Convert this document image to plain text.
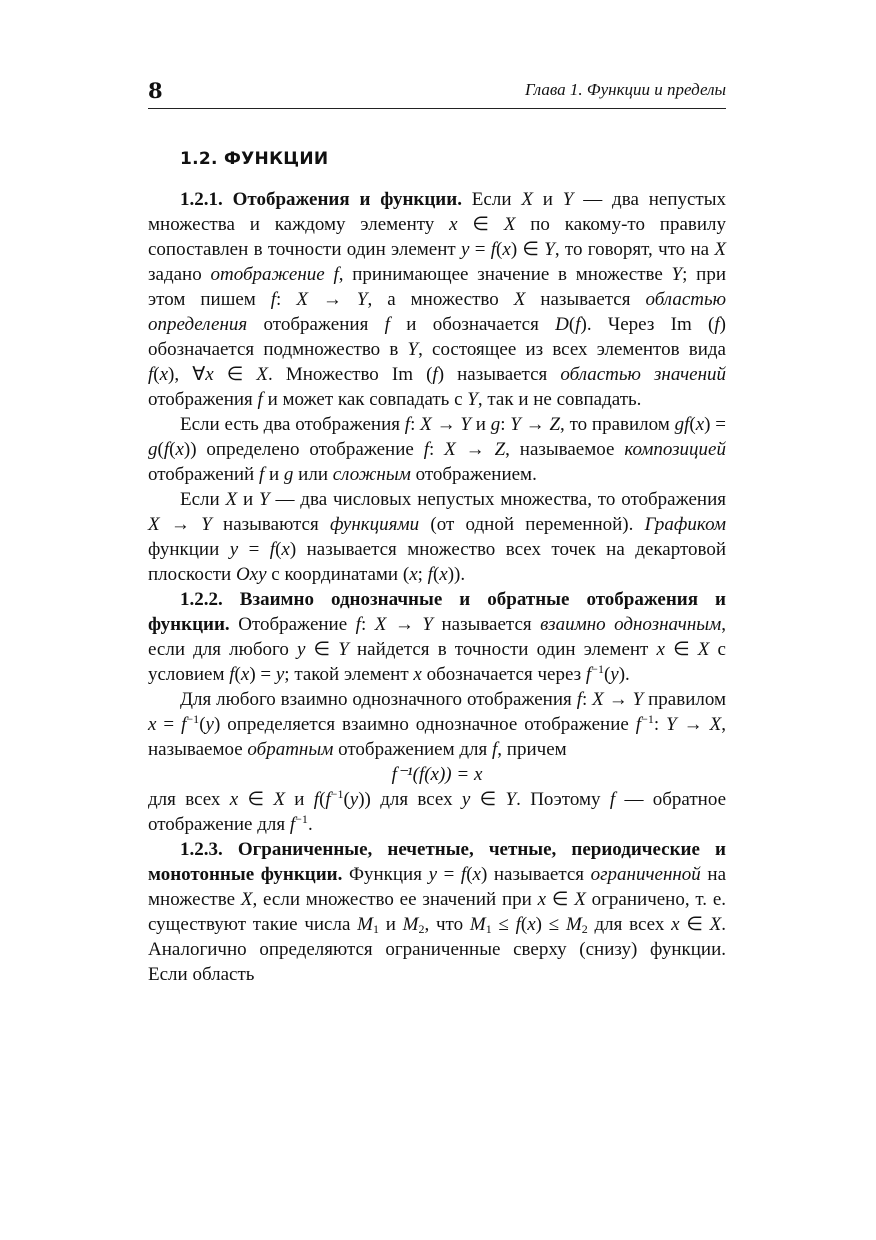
8	Глава 1. Функции и пределы
1.2. ФУНКЦИИ

1.2.1. Отображения и функции. Если X и Y — два непустых множества и каждому элементу x ∈ X по какому-то правилу сопоставлен в точности один элемент y = f(x) ∈ Y, то говорят, что на X задано отображение f, принимающее значение в множестве Y; при этом пишем f: X → Y, а множество X называется областью определения отображения f и обозначается D(f). Через Im (f) обозначается подмножество в Y, состоящее из всех элементов вида f(x), ∀x ∈ X. Множество Im (f) называется областью значений отображения f и может как совпадать с Y, так и не совпадать.

Если есть два отображения f: X → Y и g: Y → Z, то правилом gf(x) = g(f(x)) определено отображение f: X → Z, называемое композицией отображений f и g или сложным отображением.

Если X и Y — два числовых непустых множества, то отображения X → Y называются функциями (от одной переменной). Графиком функции y = f(x) называется множество всех точек на декартовой плоскости Oxy с координатами (x; f(x)).

1.2.2. Взаимно однозначные и обратные отображения и функции. Отображение f: X → Y называется взаимно однозначным, если для любого y ∈ Y найдется в точности один элемент x ∈ X с условием f(x) = y; такой элемент x обозначается через $f^{-1}(y)$.

Для любого взаимно однозначного отображения f: X → Y правилом $x = f^{-1}(y)$ определяется взаимно однозначное отображение $f^{-1}$: Y → X, называемое обратным отображением для f, причем

f⁻¹(f(x)) = x

для всех x ∈ X и $f(f^{-1}(y))$ для всех y ∈ Y. Поэтому f — обратное отображение для $f^{-1}$.

1.2.3. Ограниченные, нечетные, четные, периодические и монотонные функции. Функция y = f(x) называется ограниченной на множестве X, если множество ее значений при x ∈ X ограничено, т. е. существуют такие числа $M_1$ и $M_2$, что $M_1 \le f(x) \le M_2$ для всех x ∈ X. Аналогично определяются ограниченные сверху (снизу) функции. Если область
